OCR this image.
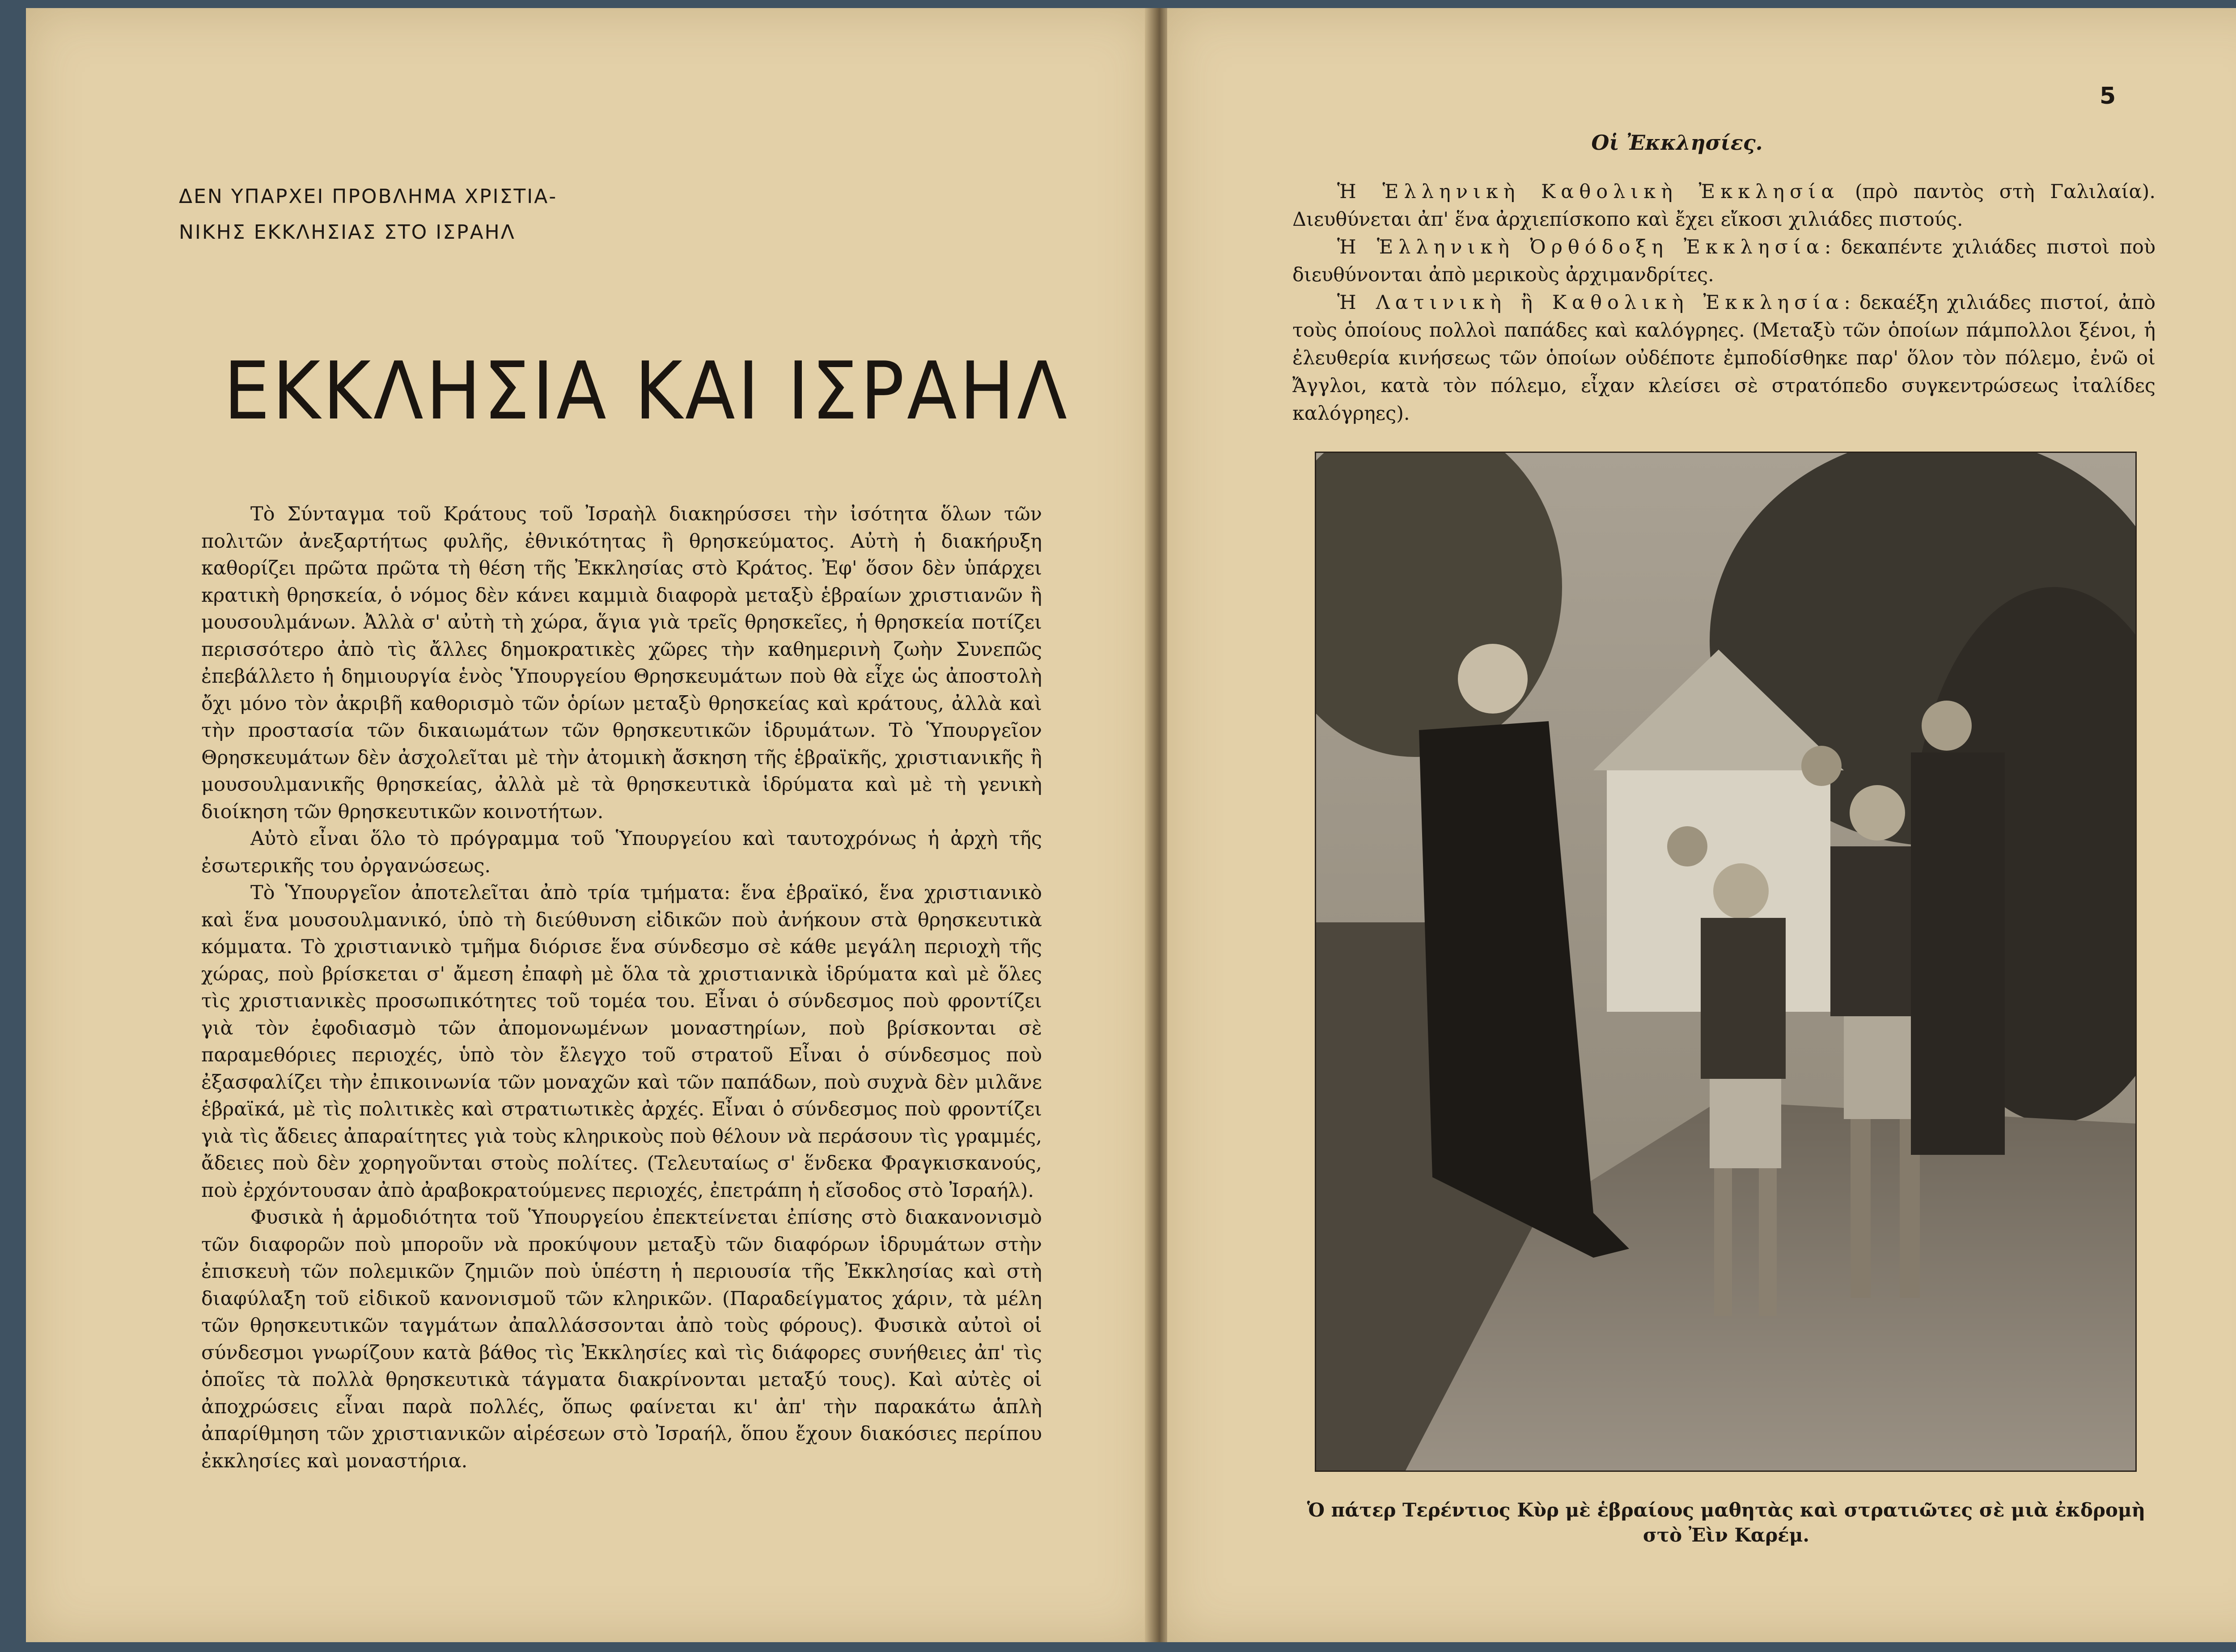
ΔΕΝ ΥΠΑΡΧΕΙ ΠΡΟΒΛΗΜΑ ΧΡΙΣΤΙΑ-
ΝΙΚΗΣ ΕΚΚΛΗΣΙΑΣ ΣΤΟ ΙΣΡΑΗΛ
ΕΚΚΛΗΣΙΑ ΚΑΙ ΙΣΡΑΗΛ

Τὸ Σύνταγμα τοῦ Κράτους τοῦ Ἰσραὴλ διακηρύσσει τὴν ἰσότητα ὅλων τῶν πολιτῶν ἀνεξαρτήτως φυλῆς, ἐθνικότητας ἢ θρησκεύματος. Αὐτὴ ἡ διακήρυξη καθορίζει πρῶτα πρῶτα τὴ θέση τῆς Ἐκκλησίας στὸ Κράτος. Ἐφ' ὅσον δὲν ὑπάρχει κρατικὴ θρησκεία, ὁ νόμος δὲν κάνει καμμιὰ διαφορὰ μεταξὺ ἑβραίων χριστιανῶν ἢ μουσουλμάνων. Ἀλλὰ σ' αὐτὴ τὴ χώρα, ἅγια γιὰ τρεῖς θρησκεῖες, ἡ θρησκεία ποτίζει περισσότερο ἀπὸ τὶς ἄλλες δημοκρατικὲς χῶρες τὴν καθημερινὴ ζωὴν Συνεπῶς ἐπεβάλλετο ἡ δημιουργία ἑνὸς Ὑπουργείου Θρησκευμάτων ποὺ θὰ εἶχε ὡς ἀποστολὴ ὄχι μόνο τὸν ἀκριβῆ καθορισμὸ τῶν ὁρίων μεταξὺ θρησκείας καὶ κράτους, ἀλλὰ καὶ τὴν προστασία τῶν δικαιωμάτων τῶν θρησκευτικῶν ἱδρυμάτων. Τὸ Ὑπουργεῖον Θρησκευμάτων δὲν ἀσχολεῖται μὲ τὴν ἀτομικὴ ἄσκηση τῆς ἑβραϊκῆς, χριστιανικῆς ἢ μουσουλμανικῆς θρησκείας, ἀλλὰ μὲ τὰ θρησκευτικὰ ἱδρύματα καὶ μὲ τὴ γενικὴ διοίκηση τῶν θρησκευτικῶν κοινοτήτων.

Αὐτὸ εἶναι ὅλο τὸ πρόγραμμα τοῦ Ὑπουργείου καὶ ταυτοχρόνως ἡ ἀρχὴ τῆς ἐσωτερικῆς του ὀργανώσεως.

Τὸ Ὑπουργεῖον ἀποτελεῖται ἀπὸ τρία τμήματα: ἕνα ἑβραϊκό, ἕνα χριστιανικὸ καὶ ἕνα μουσουλμανικό, ὑπὸ τὴ διεύθυνση εἰδικῶν ποὺ ἀνήκουν στὰ θρησκευτικὰ κόμματα. Τὸ χριστιανικὸ τμῆμα διόρισε ἕνα σύνδεσμο σὲ κάθε μεγάλη περιοχὴ τῆς χώρας, ποὺ βρίσκεται σ' ἄμεση ἐπαφὴ μὲ ὅλα τὰ χριστιανικὰ ἱδρύματα καὶ μὲ ὅλες τὶς χριστιανικὲς προσωπικότητες τοῦ τομέα του. Εἶναι ὁ σύνδεσμος ποὺ φροντίζει γιὰ τὸν ἐφοδιασμὸ τῶν ἀπομονωμένων μοναστηρίων, ποὺ βρίσκονται σὲ παραμεθόριες περιοχές, ὑπὸ τὸν ἔλεγχο τοῦ στρατοῦ Εἶναι ὁ σύνδεσμος ποὺ ἐξασφαλίζει τὴν ἐπικοινωνία τῶν μοναχῶν καὶ τῶν παπάδων, ποὺ συχνὰ δὲν μιλᾶνε ἑβραϊκά, μὲ τὶς πολιτικὲς καὶ στρατιωτικὲς ἀρχές. Εἶναι ὁ σύνδεσμος ποὺ φροντίζει γιὰ τὶς ἄδειες ἀπαραίτητες γιὰ τοὺς κληρικοὺς ποὺ θέλουν νὰ περάσουν τὶς γραμμές, ἄδειες ποὺ δὲν χορηγοῦνται στοὺς πολίτες. (Τελευταίως σ' ἕνδεκα Φραγκισκανούς, ποὺ ἐρχόντουσαν ἀπὸ ἀραβοκρατούμενες περιοχές, ἐπετράπη ἡ εἴσοδος στὸ Ἰσραήλ).

Φυσικὰ ἡ ἁρμοδιότητα τοῦ Ὑπουργείου ἐπεκτείνεται ἐπίσης στὸ διακανονισμὸ τῶν διαφορῶν ποὺ μποροῦν νὰ προκύψουν μεταξὺ τῶν διαφόρων ἱδρυμάτων στὴν ἐπισκευὴ τῶν πολεμικῶν ζημιῶν ποὺ ὑπέστη ἡ περιουσία τῆς Ἐκκλησίας καὶ στὴ διαφύλαξη τοῦ εἰδικοῦ κανονισμοῦ τῶν κληρικῶν. (Παραδείγματος χάριν, τὰ μέλη τῶν θρησκευτικῶν ταγμάτων ἀπαλλάσσονται ἀπὸ τοὺς φόρους). Φυσικὰ αὐτοὶ οἱ σύνδεσμοι γνωρίζουν κατὰ βάθος τὶς Ἐκκλησίες καὶ τὶς διάφορες συνήθειες ἀπ' τὶς ὁποῖες τὰ πολλὰ θρησκευτικὰ τάγματα διακρίνονται μεταξύ τους). Καὶ αὐτὲς οἱ ἀποχρώσεις εἶναι παρὰ πολλές, ὅπως φαίνεται κι' ἀπ' τὴν παρακάτω ἁπλὴ ἀπαρίθμηση τῶν χριστιανικῶν αἱρέσεων στὸ Ἰσραήλ, ὅπου ἔχουν διακόσιες περίπου ἐκκλησίες καὶ μοναστήρια.

5
Οἱ Ἐκκλησίες.

Ἡ Ἑλληνικὴ Καθολικὴ Ἐκκλησία (πρὸ παντὸς στὴ Γαλιλαία). Διευθύνεται ἀπ' ἕνα ἀρχιεπίσκοπο καὶ ἔχει εἴκοσι χιλιάδες πιστούς.

Ἡ Ἑλληνικὴ Ὀρθόδοξη Ἐκκλησία: δεκαπέντε χιλιάδες πιστοὶ ποὺ διευθύνονται ἀπὸ μερικοὺς ἀρχιμανδρίτες.

Ἡ Λατινικὴ ἢ Καθολικὴ Ἐκκλησία: δεκαέξη χιλιάδες πιστοί, ἀπὸ τοὺς ὁποίους πολλοὶ παπάδες καὶ καλόγρηες. (Μεταξὺ τῶν ὁποίων πάμπολλοι ξένοι, ἡ ἐλευθερία κινήσεως τῶν ὁποίων οὐδέποτε ἐμποδίσθηκε παρ' ὅλον τὸν πόλεμο, ἐνῶ οἱ Ἄγγλοι, κατὰ τὸν πόλεμο, εἶχαν κλείσει σὲ στρατόπεδο συγκεντρώσεως ἰταλίδες καλόγρηες).

Ὁ πάτερ Τερέντιος Κὺρ μὲ ἑβραίους μαθητὰς καὶ στρατιῶτες σὲ μιὰ ἐκδρομὴ στὸ Ἐὶν Καρέμ.
